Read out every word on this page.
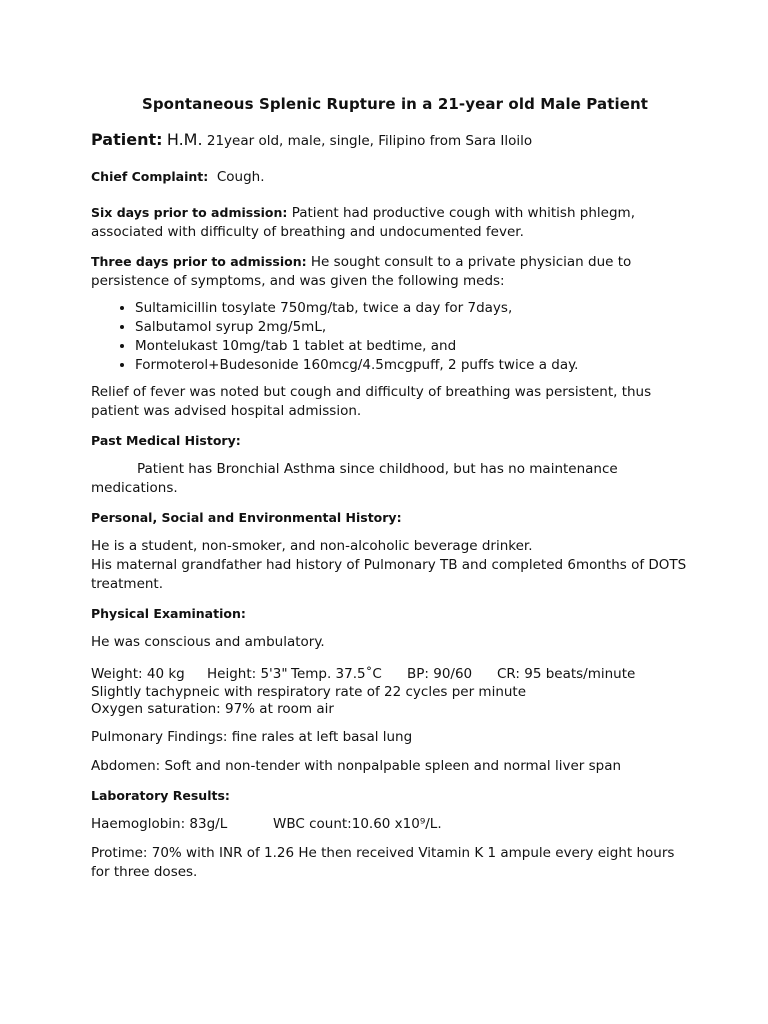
Spontaneous Splenic Rupture in a 21-year old Male Patient

Patient: H.M. 21year old, male, single, Filipino from Sara Iloilo

Chief Complaint: Cough.

Six days prior to admission: Patient had productive cough with whitish phlegm, associated with difficulty of breathing and undocumented fever.

Three days prior to admission: He sought consult to a private physician due to persistence of symptoms, and was given the following meds:

• Sultamicillin tosylate 750mg/tab, twice a day for 7days,
• Salbutamol syrup 2mg/5mL,
• Montelukast 10mg/tab 1 tablet at bedtime, and
• Formoterol+Budesonide 160mcg/4.5mcgpuff, 2 puffs twice a day.

Relief of fever was noted but cough and difficulty of breathing was persistent, thus patient was advised hospital admission.

Past Medical History:

Patient has Bronchial Asthma since childhood, but has no maintenance medications.

Personal, Social and Environmental History:

He is a student, non-smoker, and non-alcoholic beverage drinker.

His maternal grandfather had history of Pulmonary TB and completed 6months of DOTS treatment.

Physical Examination:

He was conscious and ambulatory.

Weight: 40 kg Height: 5'3" Temp. 37.5˚C BP: 90/60 CR: 95 beats/minute

Slightly tachypneic with respiratory rate of 22 cycles per minute

Oxygen saturation: 97% at room air

Pulmonary Findings: fine rales at left basal lung

Abdomen: Soft and non-tender with nonpalpable spleen and normal liver span

Laboratory Results:

Haemoglobin: 83g/L	WBC count:10.60 x10⁹/L.

Protime: 70% with INR of 1.26 He then received Vitamin K 1 ampule every eight hours for three doses.
